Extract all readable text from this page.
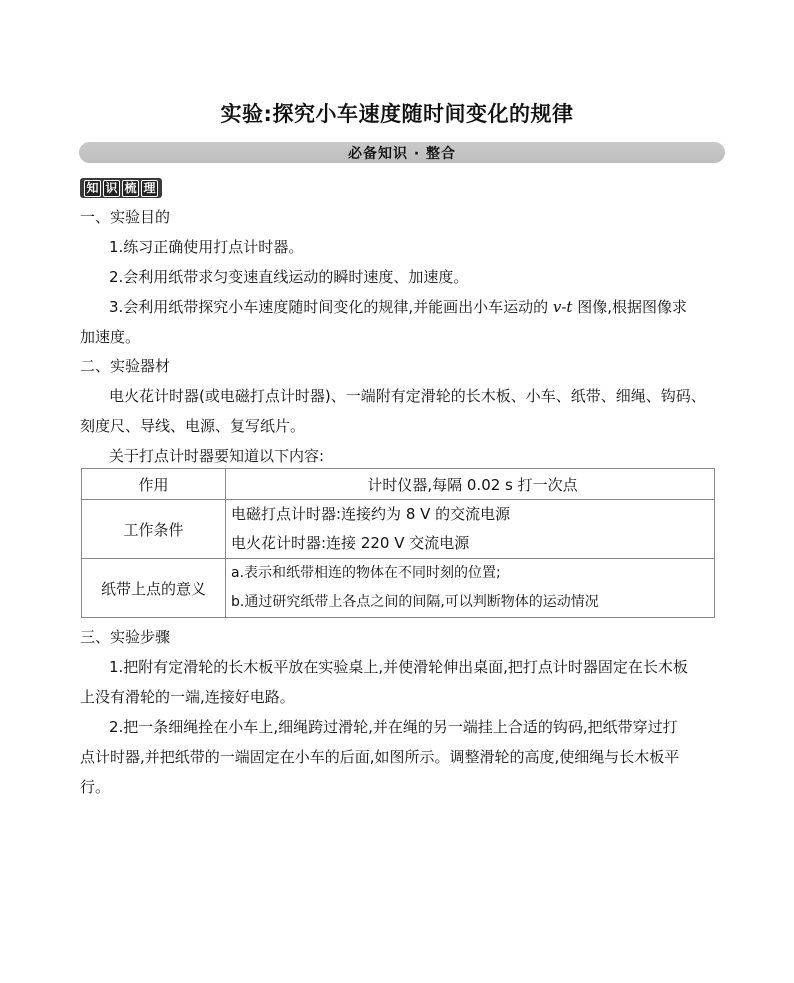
实验:探究小车速度随时间变化的规律
必备知识 · 整合
知 识 梳 理
一、实验目的
1.练习正确使用打点计时器。
2.会利用纸带求匀变速直线运动的瞬时速度、加速度。
3.会利用纸带探究小车速度随时间变化的规律,并能画出小车运动的 v-t 图像,根据图像求
加速度。
二、实验器材
电火花计时器(或电磁打点计时器)、一端附有定滑轮的长木板、小车、纸带、细绳、钩码、
刻度尺、导线、电源、复写纸片。
关于打点计时器要知道以下内容:
作用	计时仪器,每隔 0.02 s 打一次点
工作条件	电磁打点计时器:连接约为 8 V 的交流电源
电火花计时器:连接 220 V 交流电源

纸带上点的意义	a.表示和纸带相连的物体在不同时刻的位置;
b.通过研究纸带上各点之间的间隔,可以判断物体的运动情况
三、实验步骤
1.把附有定滑轮的长木板平放在实验桌上,并使滑轮伸出桌面,把打点计时器固定在长木板
上没有滑轮的一端,连接好电路。
2.把一条细绳拴在小车上,细绳跨过滑轮,并在绳的另一端挂上合适的钩码,把纸带穿过打
点计时器,并把纸带的一端固定在小车的后面,如图所示。调整滑轮的高度,使细绳与长木板平
行。
